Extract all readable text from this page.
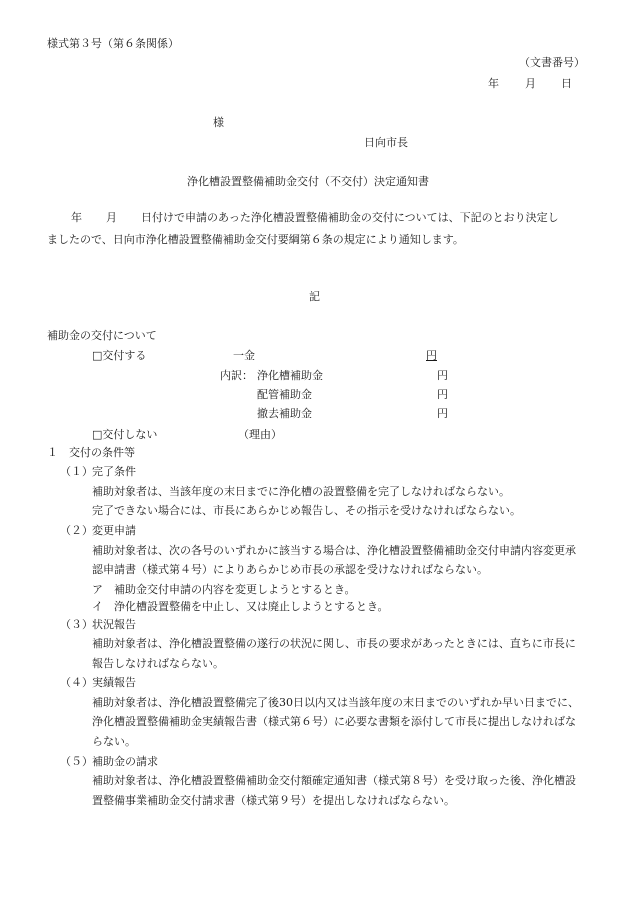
様式第３号（第６条関係）
（文書番号）
年 月 日
様
日向市長
浄化槽設置整備補助金交付（不交付）決定通知書
年 月 日付けで申請のあった浄化槽設置整備補助金の交付については、下記のとおり決定し
ましたので、日向市浄化槽設置整備補助金交付要綱第６条の規定により通知します。
記
補助金の交付について
□交付する	一金	円
内訳： 浄化槽補助金	円
配管補助金	円
撤去補助金	円
□交付しない	（理由）
１　交付の条件等
（１） 完了条件
補助対象者は、当該年度の末日までに浄化槽の設置整備を完了しなければならない。
完了できない場合には、市長にあらかじめ報告し、その指示を受けなければならない。
（２） 変更申請
補助対象者は、次の各号のいずれかに該当する場合は、浄化槽設置整備補助金交付申請内容変更承
認申請書（様式第４号）によりあらかじめ市長の承認を受けなければならない。
ア　補助金交付申請の内容を変更しようとするとき。
イ　浄化槽設置整備を中止し、又は廃止しようとするとき。
（３） 状況報告
補助対象者は、浄化槽設置整備の遂行の状況に関し、市長の要求があったときには、直ちに市長に
報告しなければならない。
（４） 実績報告
補助対象者は、浄化槽設置整備完了後30日以内又は当該年度の末日までのいずれか早い日までに、
浄化槽設置整備補助金実績報告書（様式第６号）に必要な書類を添付して市長に提出しなければな
らない。
（５） 補助金の請求
補助対象者は、浄化槽設置整備補助金交付額確定通知書（様式第８号）を受け取った後、浄化槽設
置整備事業補助金交付請求書（様式第９号）を提出しなければならない。
